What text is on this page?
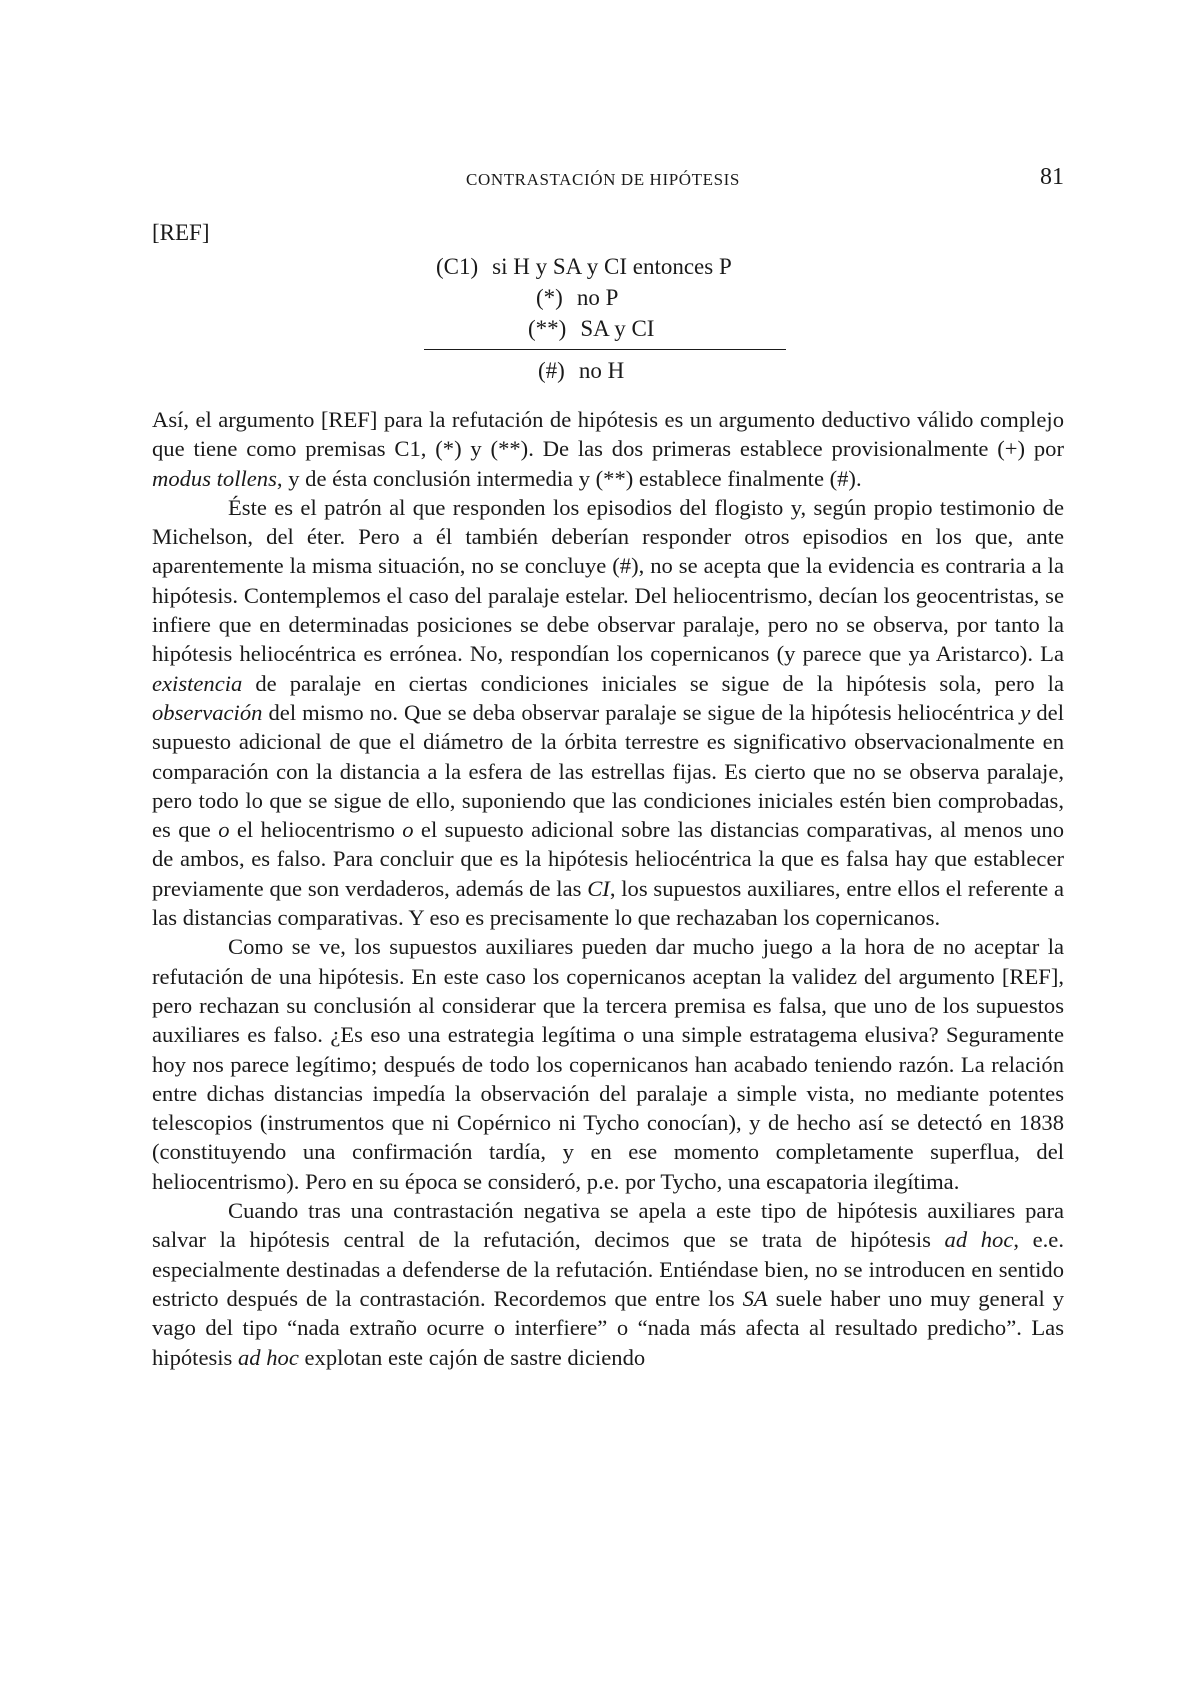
CONTRASTACIÓN DE HIPÓTESIS	81
[REF]
(C1) si H y SA y CI entonces P
(*) no P
(**) SA y CI
(#) no H

Así, el argumento [REF] para la refutación de hipótesis es un argumento deductivo válido complejo que tiene como premisas C1, (*) y (**). De las dos primeras establece provisionalmente (+) por modus tollens, y de ésta conclusión intermedia y (**) establece finalmente (#).

Éste es el patrón al que responden los episodios del flogisto y, según propio testimonio de Michelson, del éter. Pero a él también deberían responder otros episodios en los que, ante aparentemente la misma situación, no se concluye (#), no se acepta que la evidencia es contraria a la hipótesis. Contemplemos el caso del paralaje estelar. Del heliocentrismo, decían los geocentristas, se infiere que en determinadas posiciones se debe observar paralaje, pero no se observa, por tanto la hipótesis heliocéntrica es errónea. No, respondían los copernicanos (y parece que ya Aristarco). La existencia de paralaje en ciertas condiciones iniciales se sigue de la hipótesis sola, pero la observación del mismo no. Que se deba observar paralaje se sigue de la hipótesis heliocéntrica y del supuesto adicional de que el diámetro de la órbita terrestre es significativo observacionalmente en comparación con la distancia a la esfera de las estrellas fijas. Es cierto que no se observa paralaje, pero todo lo que se sigue de ello, suponiendo que las condiciones iniciales estén bien comprobadas, es que o el heliocentrismo o el supuesto adicional sobre las distancias comparativas, al menos uno de ambos, es falso. Para concluir que es la hipótesis heliocéntrica la que es falsa hay que establecer previamente que son verdaderos, además de las CI, los supuestos auxiliares, entre ellos el referente a las distancias comparativas. Y eso es precisamente lo que rechazaban los copernicanos.

Como se ve, los supuestos auxiliares pueden dar mucho juego a la hora de no aceptar la refutación de una hipótesis. En este caso los copernicanos aceptan la validez del argumento [REF], pero rechazan su conclusión al considerar que la tercera premisa es falsa, que uno de los supuestos auxiliares es falso. ¿Es eso una estrategia legítima o una simple estratagema elusiva? Seguramente hoy nos parece legítimo; después de todo los copernicanos han acabado teniendo razón. La relación entre dichas distancias impedía la observación del paralaje a simple vista, no mediante potentes telescopios (instrumentos que ni Copérnico ni Tycho conocían), y de hecho así se detectó en 1838 (constituyendo una confirmación tardía, y en ese momento completamente superflua, del heliocentrismo). Pero en su época se consideró, p.e. por Tycho, una escapatoria ilegítima.

Cuando tras una contrastación negativa se apela a este tipo de hipótesis auxiliares para salvar la hipótesis central de la refutación, decimos que se trata de hipótesis ad hoc, e.e. especialmente destinadas a defenderse de la refutación. Entiéndase bien, no se introducen en sentido estricto después de la contrastación. Recordemos que entre los SA suele haber uno muy general y vago del tipo “nada extraño ocurre o interfiere” o “nada más afecta al resultado predicho”. Las hipótesis ad hoc explotan este cajón de sastre diciendo
